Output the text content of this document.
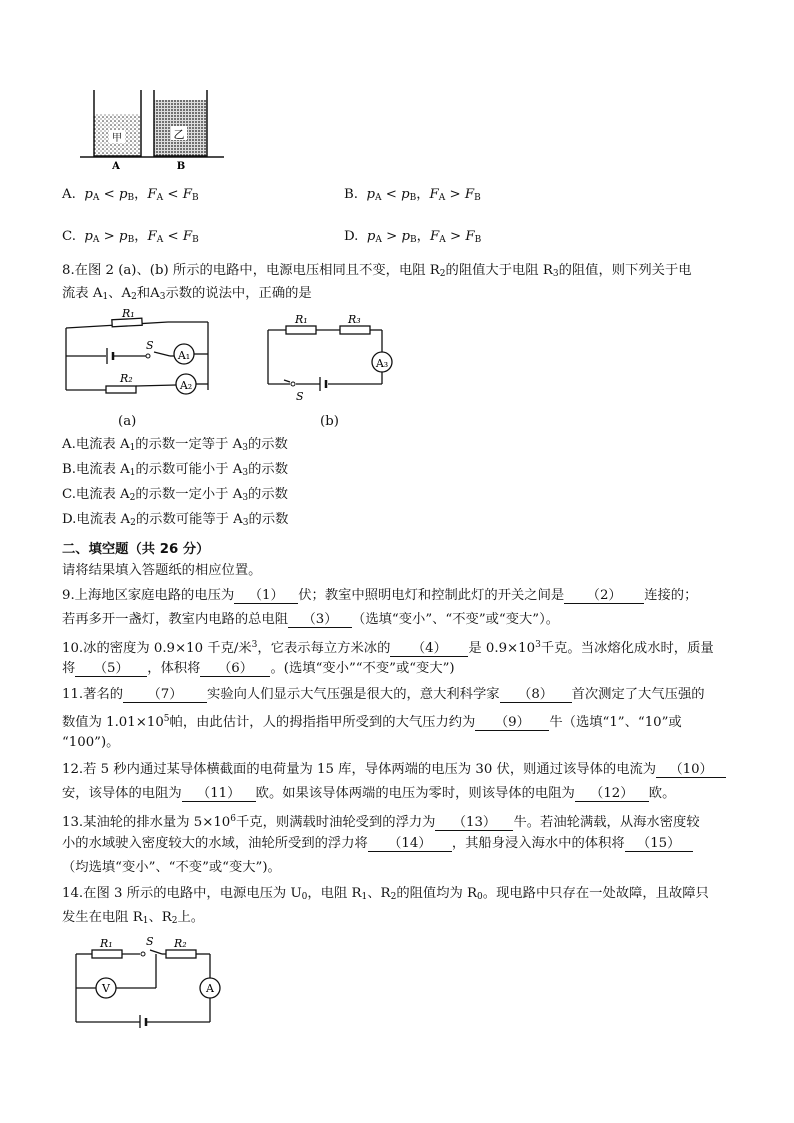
甲	乙
A	B
A. $p_A < p_B$，$F_A < F_B$	B. $p_A < p_B$，$F_A > F_B$
C. $p_A > p_B$，$F_A < F_B$	D. $p_A > p_B$，$F_A > F_B$
8.在图 2 (a)、(b) 所示的电路中，电源电压相同且不变，电阻 $R_2$的阻值大于电阻 $R_3$的阻值，则下列关于电
流表 $A_1$、$A_2$和$A_3$示数的说法中，正确的是
R₁
S
A₁
R₂
A₂
R₁	R₃
A₃
S
(a)	(b)
A.电流表 $A_1$的示数一定等于 $A_3$的示数
B.电流表 $A_1$的示数可能小于 $A_3$的示数
C.电流表 $A_2$的示数一定小于 $A_3$的示数
D.电流表 $A_2$的示数可能等于 $A_3$的示数
二、填空题（共 26 分）
请将结果填入答题纸的相应位置。
9.上海地区家庭电路的电压为 （1） 伏；教室中照明电灯和控制此灯的开关之间是 （2） 连接的；
若再多开一盏灯，教室内电路的总电阻 （3） （选填“变小”、“不变”或“变大”）。
10.冰的密度为 0.9×10 千克/米$^3$，它表示每立方米冰的 （4） 是 $0.9\times 10^3$千克。当冰熔化成水时，质量
将 （5） ，体积将 （6） 。(选填“变小”“不变”或“变大”)
11.著名的 （7） 实验向人们显示大气压强是很大的，意大利科学家 （8） 首次测定了大气压强的
数值为 $1.01\times 10^5$帕，由此估计，人的拇指指甲所受到的大气压力约为 （9） 牛（选填“1”、“10”或
“100”)。
12.若 5 秒内通过某导体横截面的电荷量为 15 库，导体两端的电压为 30 伏，则通过该导体的电流为 （10）
安，该导体的电阻为 （11） 欧。如果该导体两端的电压为零时，则该导体的电阻为 （12） 欧。
13.某油轮的排水量为 $5\times 10^6$千克，则满载时油轮受到的浮力为 （13） 牛。若油轮满载，从海水密度较
小的水域驶入密度较大的水域，油轮所受到的浮力将 （14） ，其船身浸入海水中的体积将 （15）
（均选填“变小”、“不变”或“变大”)。
14.在图 3 所示的电路中，电源电压为 $U_0$，电阻 $R_1$、$R_2$的阻值均为 $R_0$。现电路中只存在一处故障，且故障只
发生在电阻 $R_1$、$R_2$上。
R₁	S R₂
V	A
